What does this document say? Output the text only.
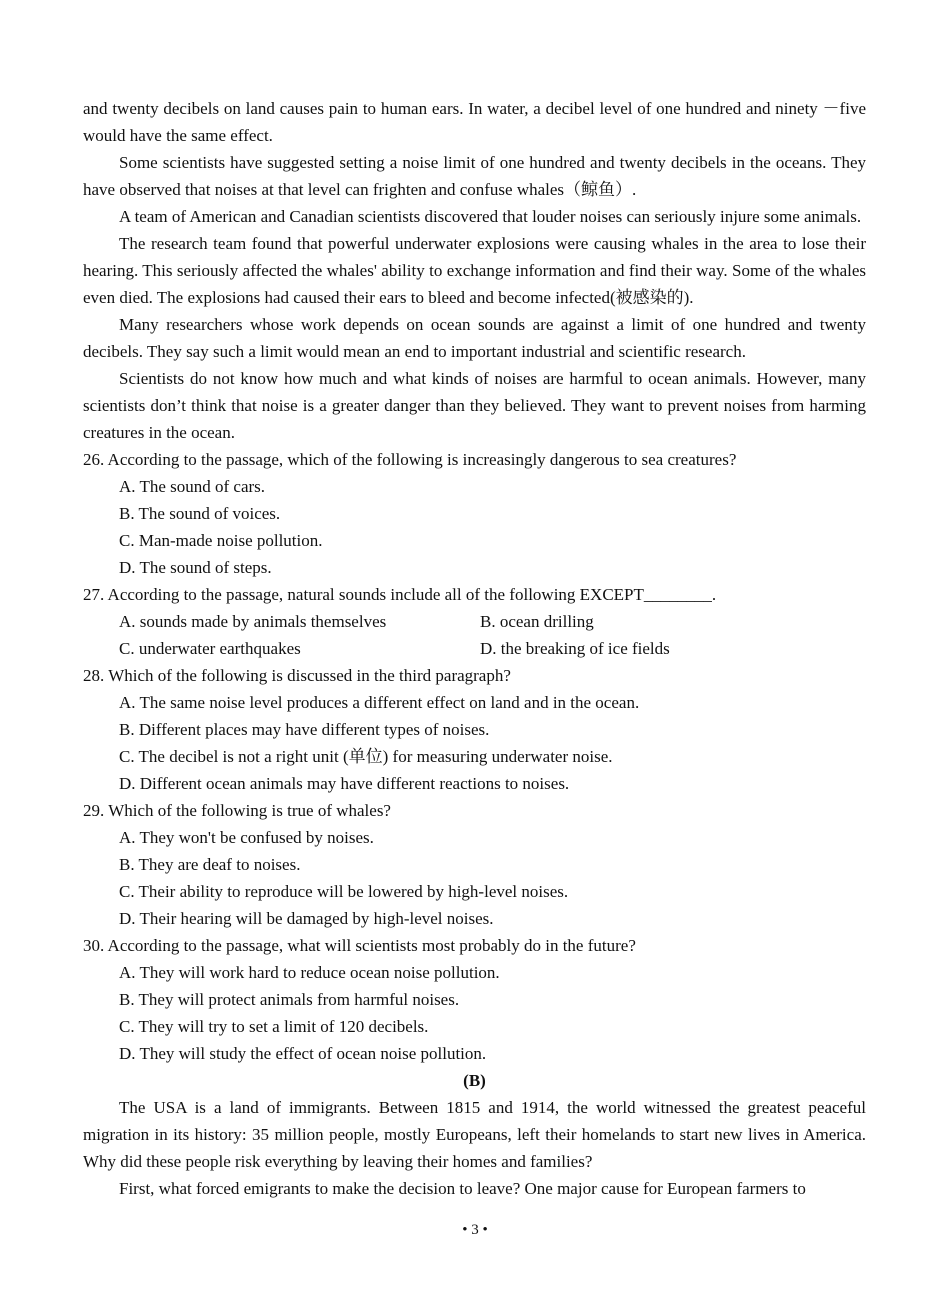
and twenty decibels on land causes pain to human ears. In water, a decibel level of one hundred and ninety －five would have the same effect.

Some scientists have suggested setting a noise limit of one hundred and twenty decibels in the oceans. They have observed that noises at that level can frighten and confuse whales（鲸鱼）.

A team of American and Canadian scientists discovered that louder noises can seriously injure some animals.

The research team found that powerful underwater explosions were causing whales in the area to lose their hearing. This seriously affected the whales' ability to exchange information and find their way. Some of the whales even died. The explosions had caused their ears to bleed and become infected(被感染的).

Many researchers whose work depends on ocean sounds are against a limit of one hundred and twenty decibels. They say such a limit would mean an end to important industrial and scientific research.

Scientists do not know how much and what kinds of noises are harmful to ocean animals. However, many scientists don’t think that noise is a greater danger than they believed. They want to prevent noises from harming creatures in the ocean.

26. According to the passage, which of the following is increasingly dangerous to sea creatures?

A. The sound of cars.

B. The sound of voices.

C. Man-made noise pollution.

D. The sound of steps.

27. According to the passage, natural sounds include all of the following EXCEPT________.

A. sounds made by animals themselves	B. ocean drilling
C. underwater earthquakes	D. the breaking of ice fields

28. Which of the following is discussed in the third paragraph?

A. The same noise level produces a different effect on land and in the ocean.

B. Different places may have different types of noises.

C. The decibel is not a right unit (单位) for measuring underwater noise.

D. Different ocean animals may have different reactions to noises.

29. Which of the following is true of whales?

A. They won't be confused by noises.

B. They are deaf to noises.

C. Their ability to reproduce will be lowered by high-level noises.

D. Their hearing will be damaged by high-level noises.

30. According to the passage, what will scientists most probably do in the future?

A. They will work hard to reduce ocean noise pollution.

B. They will protect animals from harmful noises.

C. They will try to set a limit of 120 decibels.

D. They will study the effect of ocean noise pollution.

(B)

The USA is a land of immigrants. Between 1815 and 1914, the world witnessed the greatest peaceful migration in its history: 35 million people, mostly Europeans, left their homelands to start new lives in America. Why did these people risk everything by leaving their homes and families?

First, what forced emigrants to make the decision to leave? One major cause for European farmers to

• 3 •
